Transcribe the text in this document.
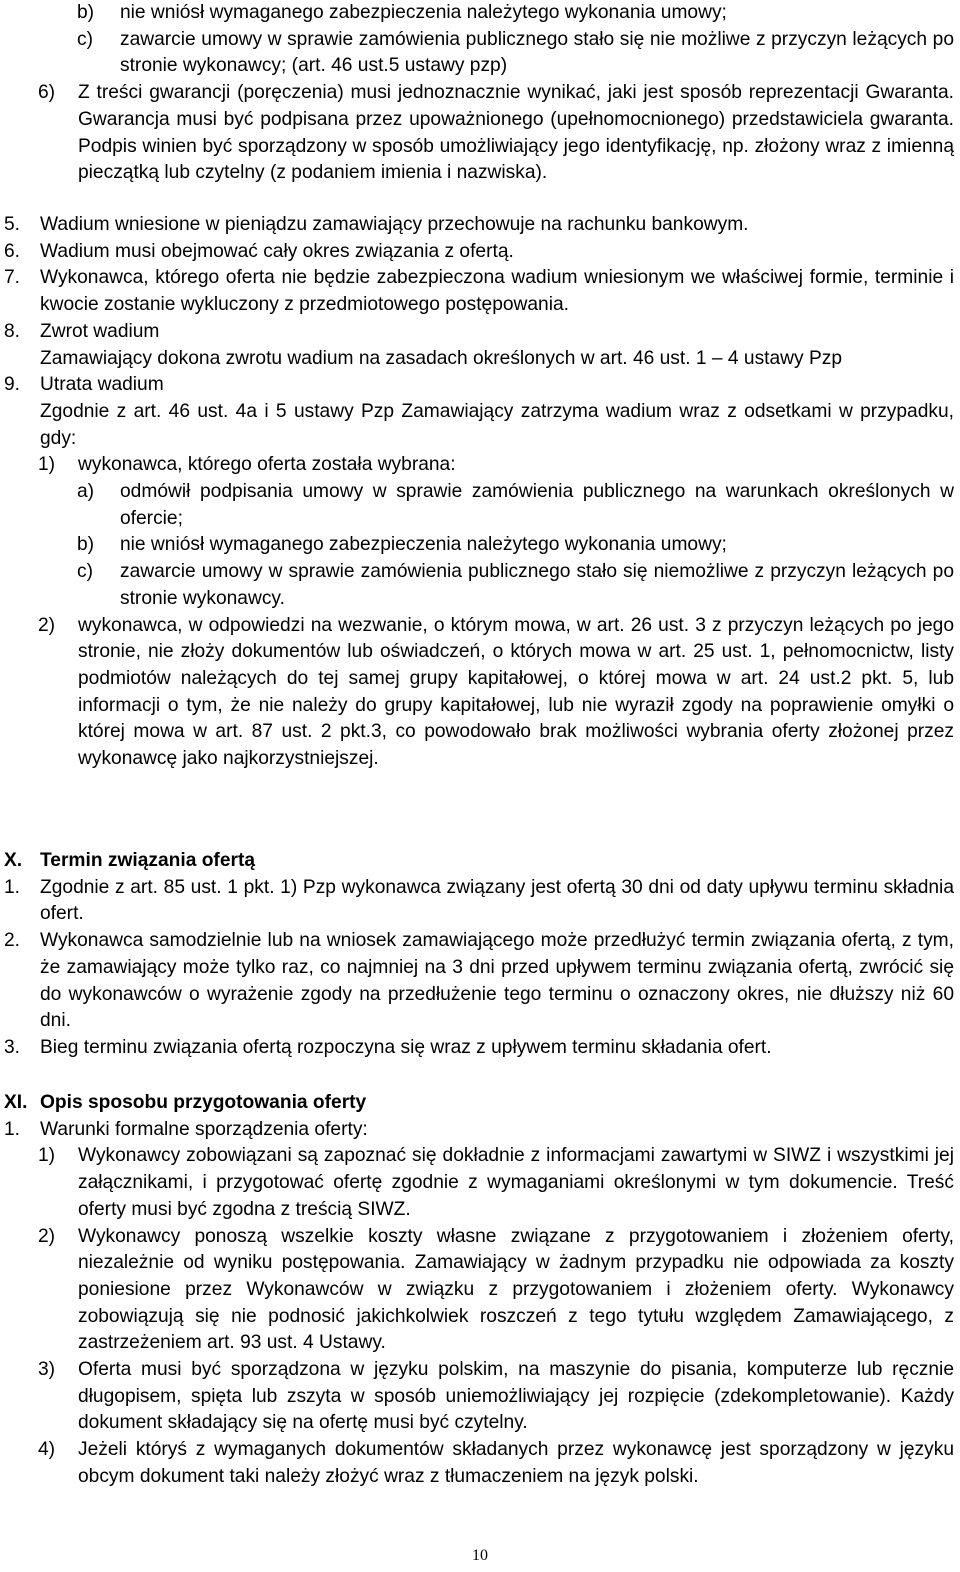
b) nie wniósł wymaganego zabezpieczenia należytego wykonania umowy;
c) zawarcie umowy w sprawie zamówienia publicznego stało się nie możliwe z przyczyn leżących po stronie wykonawcy; (art. 46 ust.5 ustawy pzp)
6) Z treści gwarancji (poręczenia) musi jednoznacznie wynikać, jaki jest sposób reprezentacji Gwaranta. Gwarancja musi być podpisana przez upoważnionego (upełnomocnionego) przedstawiciela gwaranta. Podpis winien być sporządzony w sposób umożliwiający jego identyfikację, np. złożony wraz z imienną pieczątką lub czytelny (z podaniem imienia i nazwiska).
5. Wadium wniesione w pieniądzu zamawiający przechowuje na rachunku bankowym.
6. Wadium musi obejmować cały okres związania z ofertą.
7. Wykonawca, którego oferta nie będzie zabezpieczona wadium wniesionym we właściwej formie, terminie i kwocie zostanie wykluczony z przedmiotowego postępowania.
8. Zwrot wadium
Zamawiający dokona zwrotu wadium na zasadach określonych w art. 46 ust. 1 – 4 ustawy Pzp
9. Utrata wadium
Zgodnie z art. 46 ust. 4a i 5 ustawy Pzp Zamawiający zatrzyma wadium wraz z odsetkami w przypadku, gdy:
1) wykonawca, którego oferta została wybrana:
a) odmówił podpisania umowy w sprawie zamówienia publicznego na warunkach określonych w ofercie;
b) nie wniósł wymaganego zabezpieczenia należytego wykonania umowy;
c) zawarcie umowy w sprawie zamówienia publicznego stało się niemożliwe z przyczyn leżących po stronie wykonawcy.
2) wykonawca, w odpowiedzi na wezwanie, o którym mowa, w art. 26 ust. 3 z przyczyn leżących po jego stronie, nie złoży dokumentów lub oświadczeń, o których mowa w art. 25 ust. 1, pełnomocnictw, listy podmiotów należących do tej samej grupy kapitałowej, o której mowa w art. 24 ust.2 pkt. 5, lub informacji o tym, że nie należy do grupy kapitałowej, lub nie wyraził zgody na poprawienie omyłki o której mowa w art. 87 ust. 2 pkt.3, co powodowało brak możliwości wybrania oferty złożonej przez wykonawcę jako najkorzystniejszej.
X. Termin związania ofertą
1. Zgodnie z art. 85 ust. 1 pkt. 1) Pzp wykonawca związany jest ofertą 30 dni od daty upływu terminu składnia ofert.
2. Wykonawca samodzielnie lub na wniosek zamawiającego może przedłużyć termin związania ofertą, z tym, że zamawiający może tylko raz, co najmniej na 3 dni przed upływem terminu związania ofertą, zwrócić się do wykonawców o wyrażenie zgody na przedłużenie tego terminu o oznaczony okres, nie dłuższy niż 60 dni.
3. Bieg terminu związania ofertą rozpoczyna się wraz z upływem terminu składania ofert.
XI. Opis sposobu przygotowania oferty
1. Warunki formalne sporządzenia oferty:
1) Wykonawcy zobowiązani są zapoznać się dokładnie z informacjami zawartymi w SIWZ i wszystkimi jej załącznikami, i przygotować ofertę zgodnie z wymaganiami określonymi w tym dokumencie. Treść oferty musi być zgodna z treścią SIWZ.
2) Wykonawcy ponoszą wszelkie koszty własne związane z przygotowaniem i złożeniem oferty, niezależnie od wyniku postępowania. Zamawiający w żadnym przypadku nie odpowiada za koszty poniesione przez Wykonawców w związku z przygotowaniem i złożeniem oferty. Wykonawcy zobowiązują się nie podnosić jakichkolwiek roszczeń z tego tytułu względem Zamawiającego, z zastrzeżeniem art. 93 ust. 4 Ustawy.
3) Oferta musi być sporządzona w języku polskim, na maszynie do pisania, komputerze lub ręcznie długopisem, spięta lub zszyta w sposób uniemożliwiający jej rozpięcie (zdekompletowanie). Każdy dokument składający się na ofertę musi być czytelny.
4) Jeżeli któryś z wymaganych dokumentów składanych przez wykonawcę jest sporządzony w języku obcym dokument taki należy złożyć wraz z tłumaczeniem na język polski.
10
